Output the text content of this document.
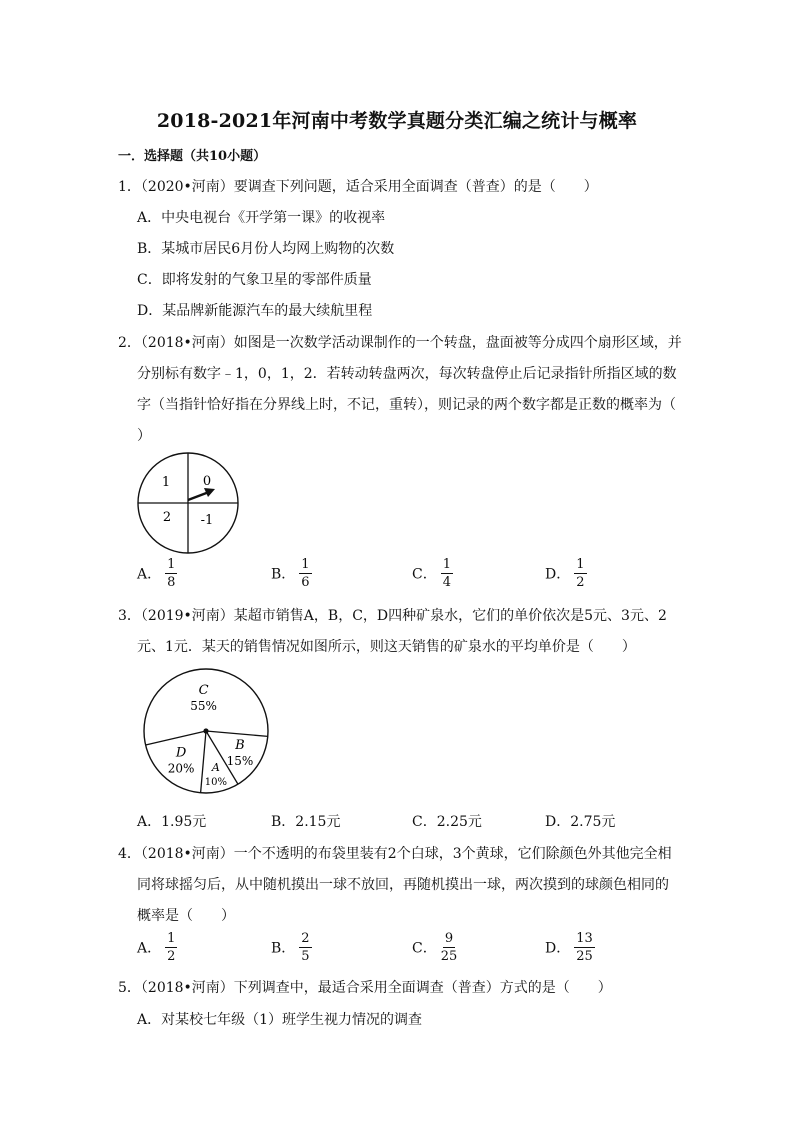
2018-2021年河南中考数学真题分类汇编之统计与概率
一．选择题（共10小题）
1．（2020•河南）要调查下列问题，适合采用全面调查（普查）的是（　　）
A．中央电视台《开学第一课》的收视率
B．某城市居民6月份人均网上购物的次数
C．即将发射的气象卫星的零部件质量
D．某品牌新能源汽车的最大续航里程
2．（2018•河南）如图是一次数学活动课制作的一个转盘，盘面被等分成四个扇形区域，并
分别标有数字﹣1，0，1，2．若转动转盘两次，每次转盘停止后记录指针所指区域的数
字（当指针恰好指在分界线上时，不记，重转），则记录的两个数字都是正数的概率为（
）
1	0
2 -1
A． $\frac{1}{8}$	B． $\frac{1}{6}$	C． $\frac{1}{4}$	D． $\frac{1}{2}$
3．（2019•河南）某超市销售A，B，C，D四种矿泉水，它们的单价依次是5元、3元、2
元、1元．某天的销售情况如图所示，则这天销售的矿泉水的平均单价是（　　）
C
55%
B
15%
A
10%
D
20%
A．1.95元	B．2.15元	C．2.25元	D．2.75元
4．（2018•河南）一个不透明的布袋里装有2个白球，3个黄球，它们除颜色外其他完全相
同将球摇匀后，从中随机摸出一球不放回，再随机摸出一球，两次摸到的球颜色相同的
概率是（　　）
A． $\frac{1}{2}$	B． $\frac{2}{5}$	C． $\frac{9}{25}$	D． $\frac{13}{25}$
5．（2018•河南）下列调查中，最适合采用全面调查（普查）方式的是（　　）
A．对某校七年级（1）班学生视力情况的调查
